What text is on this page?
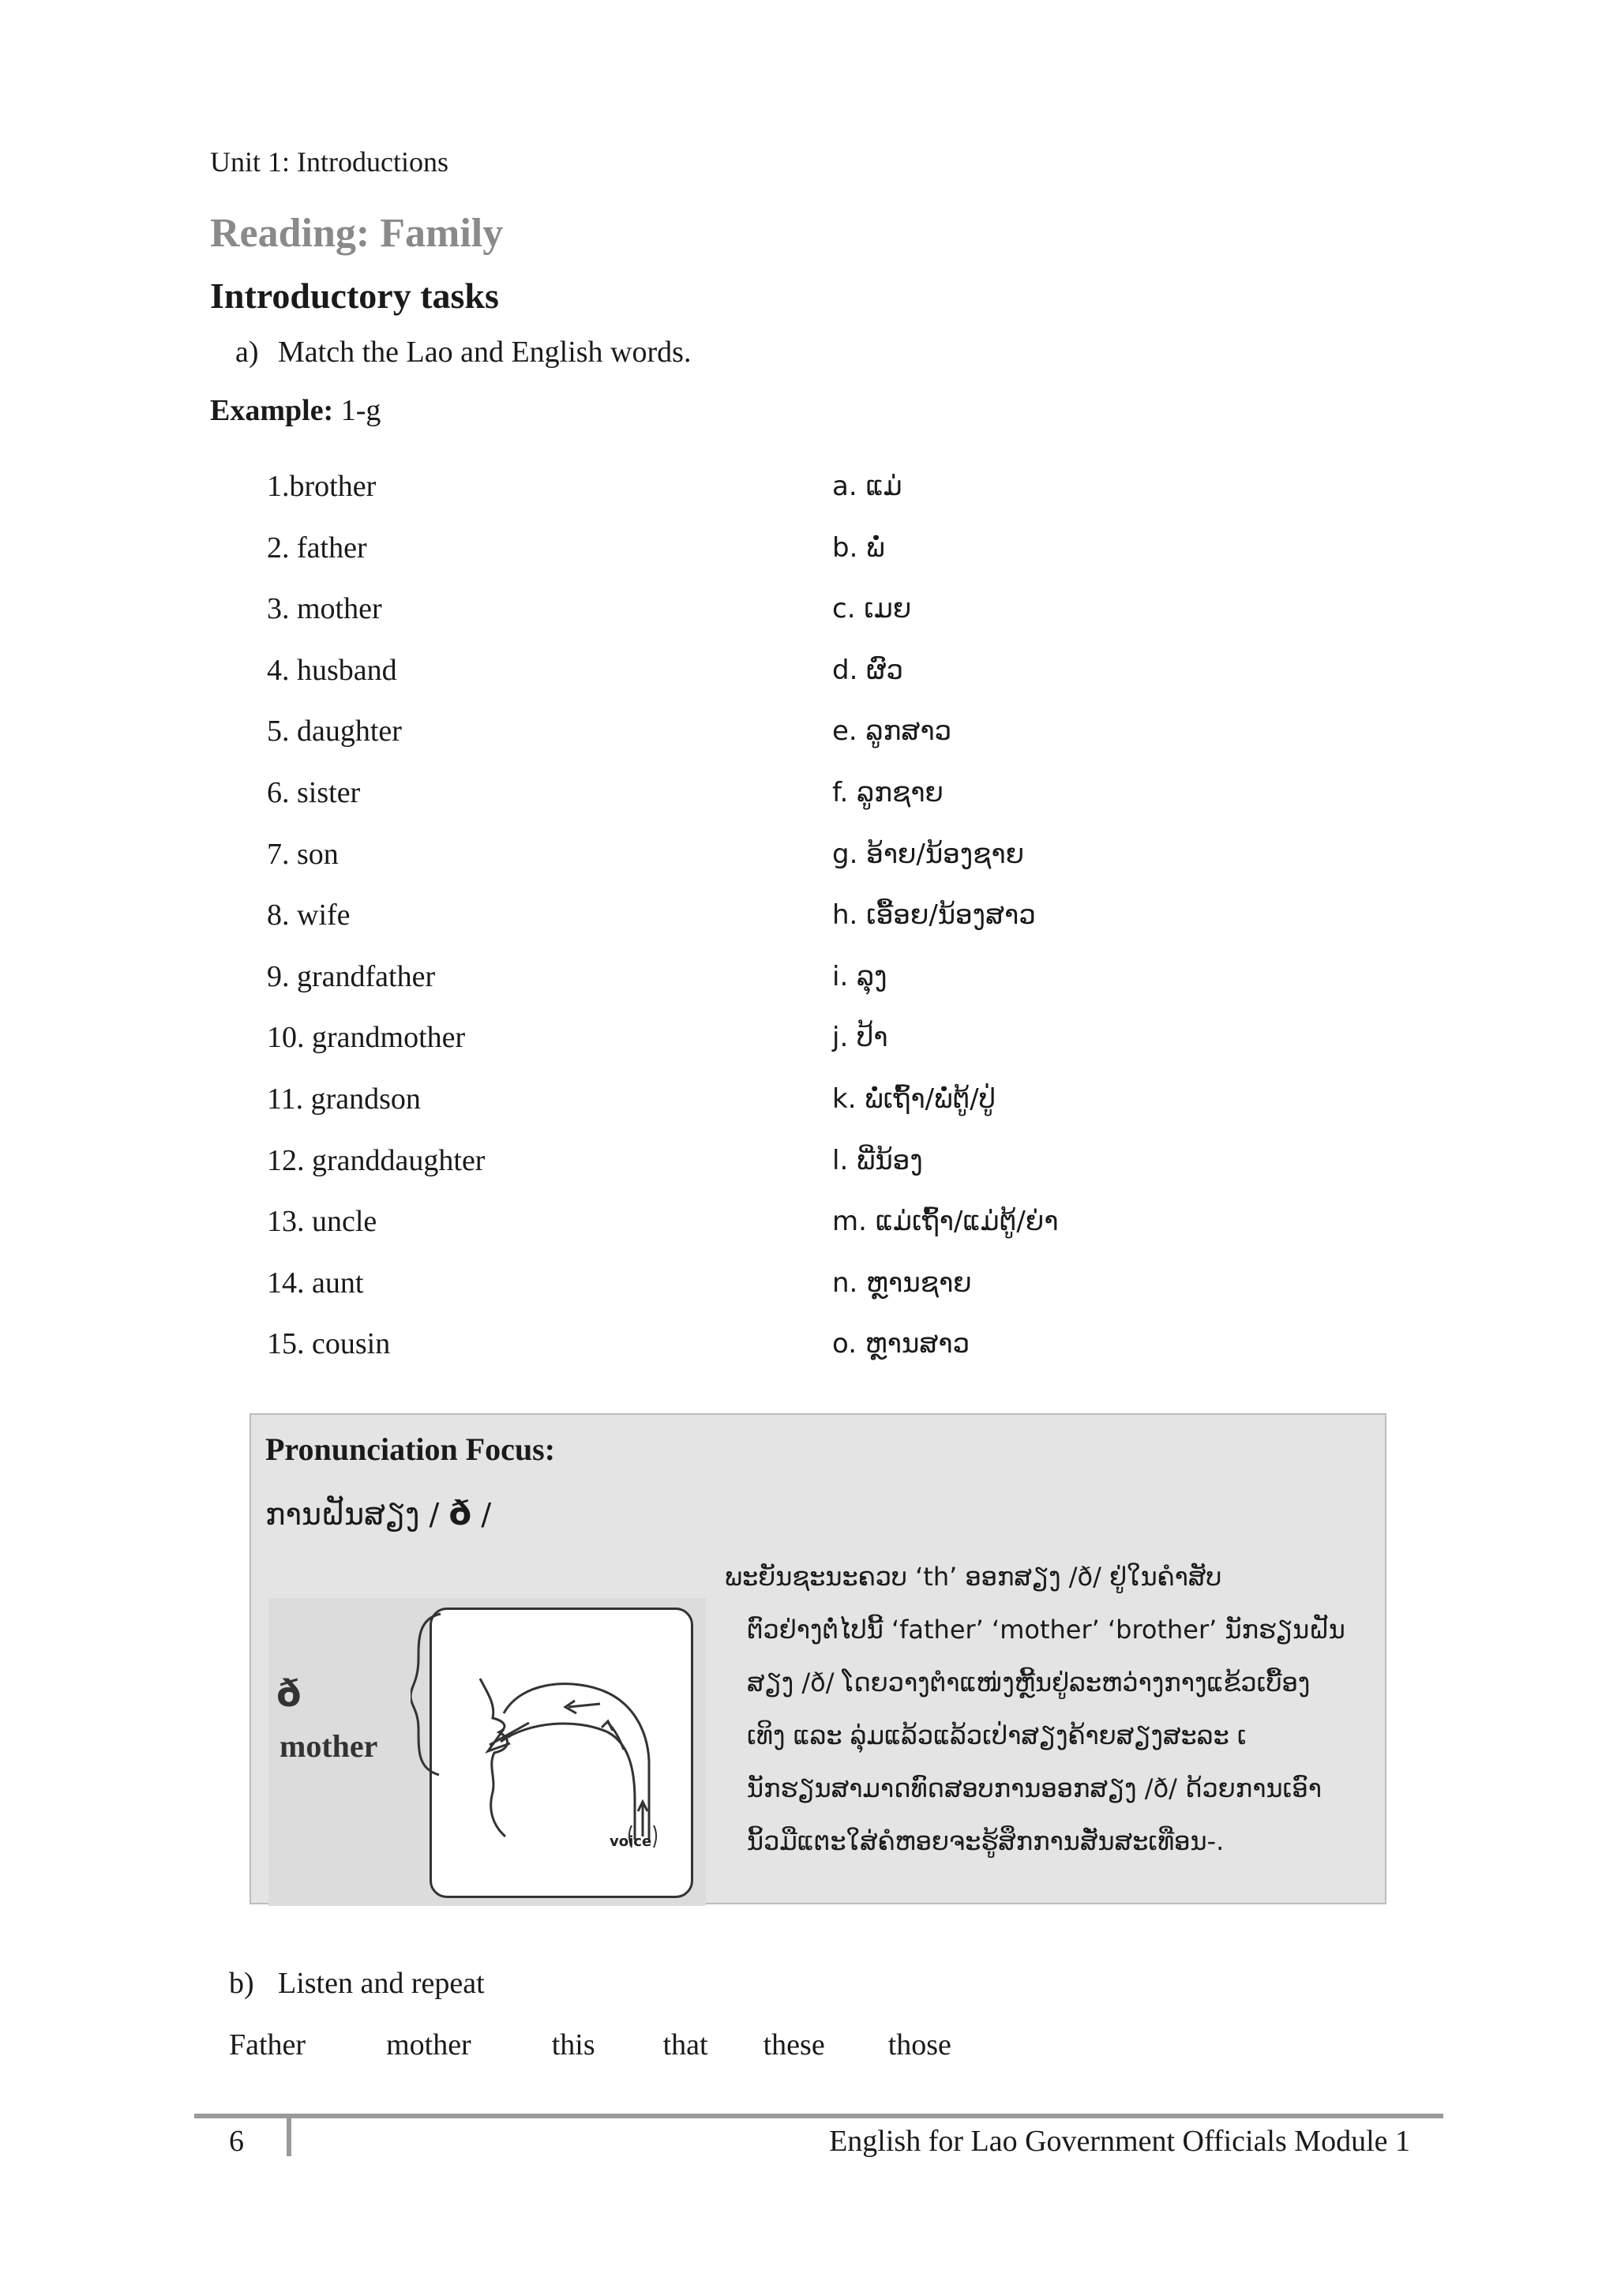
Unit 1: Introductions
Reading: Family
Introductory tasks
a) Match the Lao and English words.
Example: 1-g
1.brother	a. ແມ່
2. father	b. ພໍ່
3. mother	c. ເມຍ
4. husband	d. ຜົວ
5. daughter	e. ລູກສາວ
6. sister	f. ລູກຊາຍ
7. son	g. ອ້າຍ/ນ້ອງຊາຍ
8. wife	h. ເອື້ອຍ/ນ້ອງສາວ
9. grandfather	i. ລຸງ
10. grandmother	j. ປ້າ
11. grandson	k. ພໍ່ເຖົ້າ/ພໍ່ຕູ້/ປູ່
12. granddaughter	l. ພີ່ນ້ອງ
13. uncle	m. ແມ່ເຖົ້າ/ແມ່ຕູ້/ຍ່າ
14. aunt	n. ຫຼານຊາຍ
15. cousin	o. ຫຼານສາວ
Pronunciation Focus:
ການຝັນສຽງ / ð /
ð
mother
voice
ພະຍັນຊະນະຄວບ ‘th’ ອອກສຽງ /ð/ ຢູ່ໃນຄຳສັບ
ຕົວຢ່າງຕໍ່ໄປນີ້ ‘father’ ‘mother’ ‘brother’ ນັກຮຽນຝັນ
ສຽງ /ð/ ໂດຍວາງຕຳແໜ່ງຫຼີ້ນຢູ່ລະຫວ່າງກາງແຂ້ວເບື້ອງ
ເທິງ ແລະ ລຸ່ມແລ້ວແລ້ວເປ່າສຽງຄ້າຍສຽງສະລະ ເ
ນັກຮຽນສາມາດທົດສອບການອອກສຽງ /ð/ ດ້ວຍການເອົາ
ນິ້ວມືແຕະໃສ່ຄໍຫອຍຈະຮູ້ສຶກການສັ່ນສະເທືອນ-.
b) Listen and repeat
Father	mother	this that these those
6	English for Lao Government Officials Module 1
